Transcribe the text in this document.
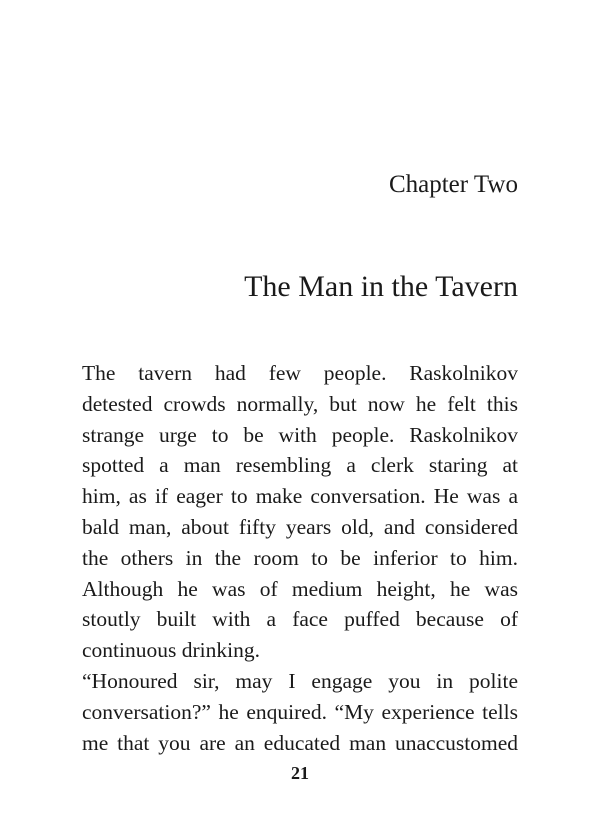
Chapter Two
The Man in the Tavern
The tavern had few people. Raskolnikov
detested crowds normally, but now he felt this
strange urge to be with people. Raskolnikov
spotted a man resembling a clerk staring at
him, as if eager to make conversation. He was a
bald man, about fifty years old, and considered
the others in the room to be inferior to him.
Although he was of medium height, he was
stoutly built with a face puffed because of
continuous drinking.
“Honoured sir, may I engage you in polite
conversation?” he enquired. “My experience tells
me that you are an educated man unaccustomed
21
